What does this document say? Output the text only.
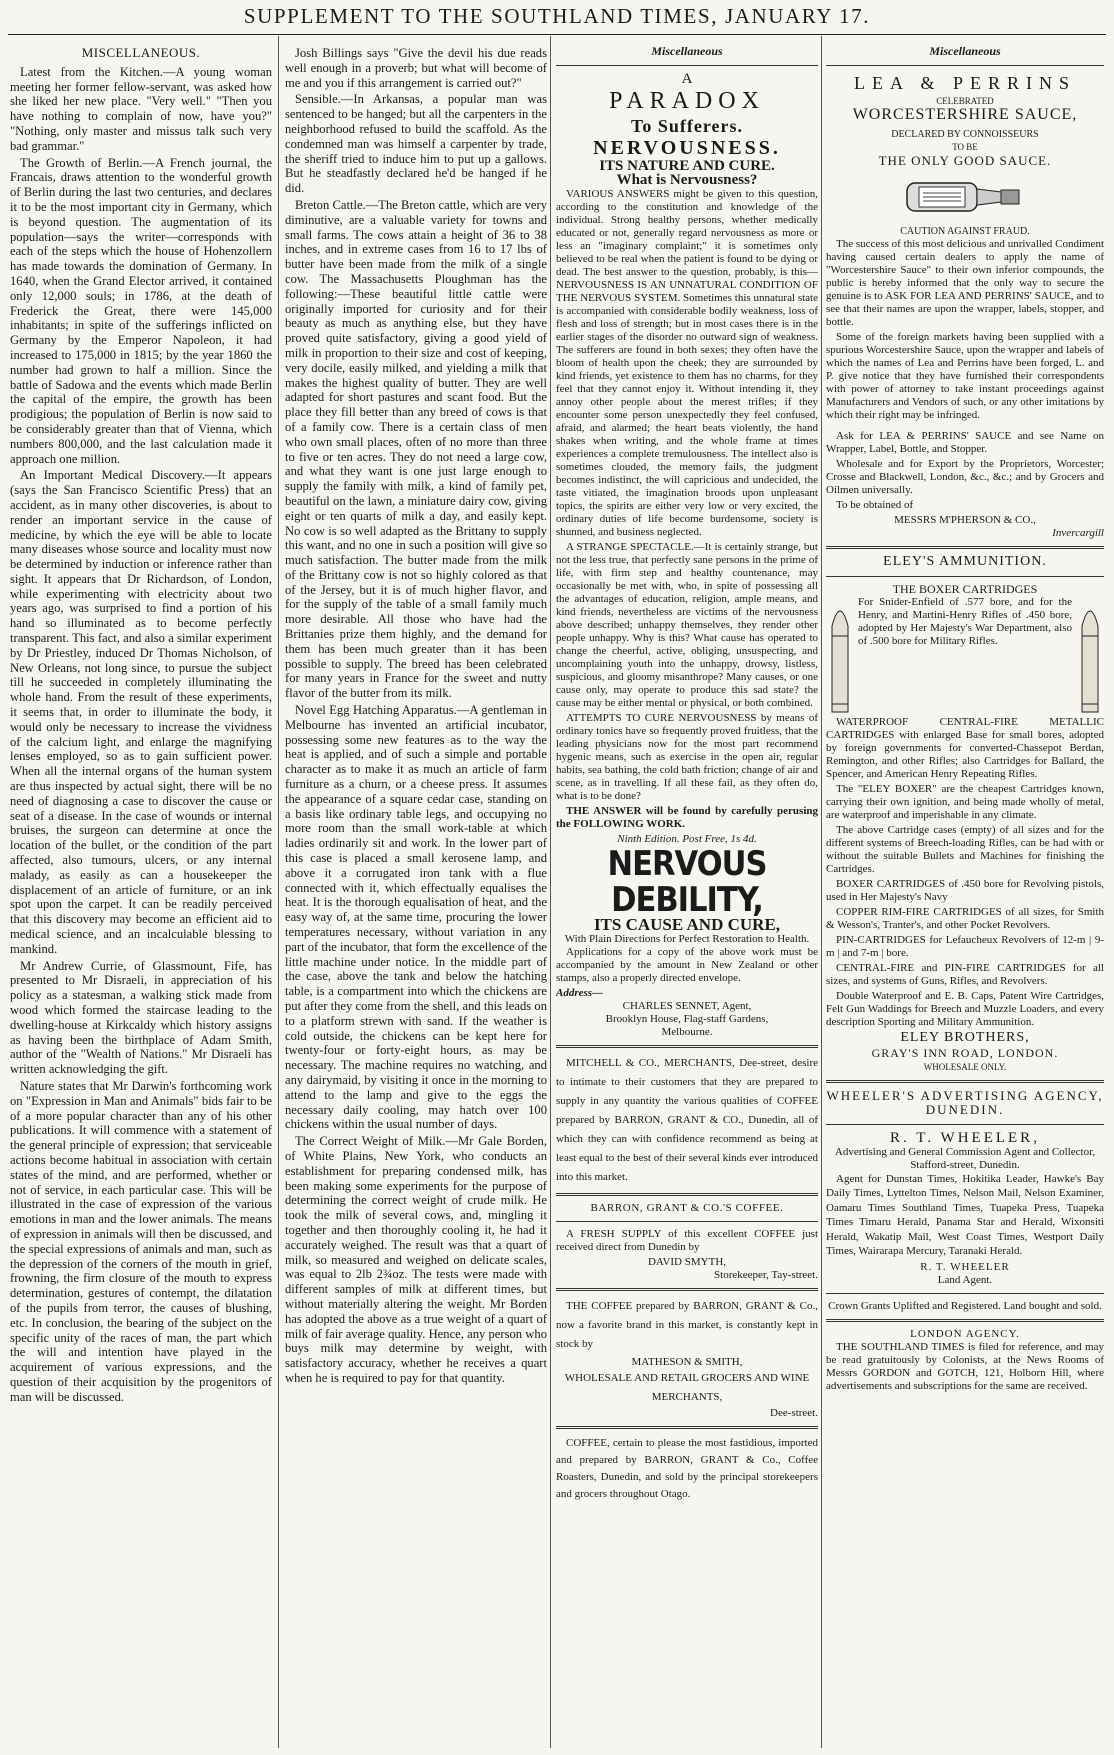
SUPPLEMENT TO THE SOUTHLAND TIMES, JANUARY 17.
MISCELLANEOUS.

Latest from the Kitchen.—A young woman meeting her former fellow-servant, was asked how she liked her new place. "Very well." "Then you have nothing to complain of now, have you?" "Nothing, only master and missus talk such very bad grammar."

The Growth of Berlin.—A French journal, the Francais, draws attention to the wonderful growth of Berlin during the last two centuries, and declares it to be the most important city in Germany, which is beyond question. The augmentation of its population—says the writer—corresponds with each of the steps which the house of Hohenzollern has made towards the domination of Germany. In 1640, when the Grand Elector arrived, it contained only 12,000 souls; in 1786, at the death of Frederick the Great, there were 145,000 inhabitants; in spite of the sufferings inflicted on Germany by the Emperor Napoleon, it had increased to 175,000 in 1815; by the year 1860 the number had grown to half a million. Since the battle of Sadowa and the events which made Berlin the capital of the empire, the growth has been prodigious; the population of Berlin is now said to be considerably greater than that of Vienna, which numbers 800,000, and the last calculation made it approach one million.

An Important Medical Discovery.—It appears (says the San Francisco Scientific Press) that an accident, as in many other discoveries, is about to render an important service in the cause of medicine, by which the eye will be able to locate many diseases whose source and locality must now be determined by induction or inference rather than sight. It appears that Dr Richardson, of London, while experimenting with electricity about two years ago, was surprised to find a portion of his hand so illuminated as to become perfectly transparent. This fact, and also a similar experiment by Dr Priestley, induced Dr Thomas Nicholson, of New Orleans, not long since, to pursue the subject till he succeeded in completely illuminating the whole hand. From the result of these experiments, it seems that, in order to illuminate the body, it would only be necessary to increase the vividness of the calcium light, and enlarge the magnifying lenses employed, so as to gain sufficient power. When all the internal organs of the human system are thus inspected by actual sight, there will be no need of diagnosing a case to discover the cause or seat of a disease. In the case of wounds or internal bruises, the surgeon can determine at once the location of the bullet, or the condition of the part affected, also tumours, ulcers, or any internal malady, as easily as can a housekeeper the displacement of an article of furniture, or an ink spot upon the carpet. It can be readily perceived that this discovery may become an efficient aid to medical science, and an incalculable blessing to mankind.

Mr Andrew Currie, of Glassmount, Fife, has presented to Mr Disraeli, in appreciation of his policy as a statesman, a walking stick made from wood which formed the staircase leading to the dwelling-house at Kirkcaldy which history assigns as having been the birthplace of Adam Smith, author of the "Wealth of Nations." Mr Disraeli has written acknowledging the gift.

Nature states that Mr Darwin's forthcoming work on "Expression in Man and Animals" bids fair to be of a more popular character than any of his other publications. It will commence with a statement of the general principle of expression; that serviceable actions become habitual in association with certain states of the mind, and are performed, whether or not of service, in each particular case. This will be illustrated in the case of expression of the various emotions in man and the lower animals. The means of expression in animals will then be discussed, and the special expressions of animals and man, such as the depression of the corners of the mouth in grief, frowning, the firm closure of the mouth to express determination, gestures of contempt, the dilatation of the pupils from terror, the causes of blushing, etc. In conclusion, the bearing of the subject on the specific unity of the races of man, the part which the will and intention have played in the acquirement of various expressions, and the question of their acquisition by the progenitors of man will be discussed.

Josh Billings says "Give the devil his due reads well enough in a proverb; but what will become of me and you if this arrangement is carried out?"

Sensible.—In Arkansas, a popular man was sentenced to be hanged; but all the carpenters in the neighborhood refused to build the scaffold. As the condemned man was himself a carpenter by trade, the sheriff tried to induce him to put up a gallows. But he steadfastly declared he'd be hanged if he did.

Breton Cattle.—The Breton cattle, which are very diminutive, are a valuable variety for towns and small farms. The cows attain a height of 36 to 38 inches, and in extreme cases from 16 to 17 lbs of butter have been made from the milk of a single cow. The Massachusetts Ploughman has the following:—These beautiful little cattle were originally imported for curiosity and for their beauty as much as anything else, but they have proved quite satisfactory, giving a good yield of milk in proportion to their size and cost of keeping, very docile, easily milked, and yielding a milk that makes the highest quality of butter. They are well adapted for short pastures and scant food. But the place they fill better than any breed of cows is that of a family cow. There is a certain class of men who own small places, often of no more than three to five or ten acres. They do not need a large cow, and what they want is one just large enough to supply the family with milk, a kind of family pet, beautiful on the lawn, a miniature dairy cow, giving eight or ten quarts of milk a day, and easily kept. No cow is so well adapted as the Brittany to supply this want, and no one in such a position will give so much satisfaction. The butter made from the milk of the Brittany cow is not so highly colored as that of the Jersey, but it is of much higher flavor, and for the supply of the table of a small family much more desirable. All those who have had the Brittanies prize them highly, and the demand for them has been much greater than it has been possible to supply. The breed has been celebrated for many years in France for the sweet and nutty flavor of the butter from its milk.

Novel Egg Hatching Apparatus.—A gentleman in Melbourne has invented an artificial incubator, possessing some new features as to the way the heat is applied, and of such a simple and portable character as to make it as much an article of farm furniture as a churn, or a cheese press. It assumes the appearance of a square cedar case, standing on a basis like ordinary table legs, and occupying no more room than the small work-table at which ladies ordinarily sit and work. In the lower part of this case is placed a small kerosene lamp, and above it a corrugated iron tank with a flue connected with it, which effectually equalises the heat. It is the thorough equalisation of heat, and the easy way of, at the same time, procuring the lower temperatures necessary, without variation in any part of the incubator, that form the excellence of the little machine under notice. In the middle part of the case, above the tank and below the hatching table, is a compartment into which the chickens are put after they come from the shell, and this leads on to a platform strewn with sand. If the weather is cold outside, the chickens can be kept here for twenty-four or forty-eight hours, as may be necessary. The machine requires no watching, and any dairymaid, by visiting it once in the morning to attend to the lamp and give to the eggs the necessary daily cooling, may hatch over 100 chickens within the usual number of days.

The Correct Weight of Milk.—Mr Gale Borden, of White Plains, New York, who conducts an establishment for preparing condensed milk, has been making some experiments for the purpose of determining the correct weight of crude milk. He took the milk of several cows, and, mingling it together and then thoroughly cooling it, he had it accurately weighed. The result was that a quart of milk, so measured and weighed on delicate scales, was equal to 2lb 2¾oz. The tests were made with different samples of milk at different times, but without materially altering the weight. Mr Borden has adopted the above as a true weight of a quart of milk of fair average quality. Hence, any person who buys milk may determine by weight, with satisfactory accuracy, whether he receives a quart when he is required to pay for that quantity.

Miscellaneous
A
PARADOX
To Sufferers.
NERVOUSNESS.
ITS NATURE AND CURE.
What is Nervousness?

VARIOUS ANSWERS might be given to this question, according to the constitution and knowledge of the individual. Strong healthy persons, whether medically educated or not, generally regard nervousness as more or less an "imaginary complaint;" it is sometimes only believed to be real when the patient is found to be dying or dead. The best answer to the question, probably, is this—NERVOUSNESS IS AN UNNATURAL CONDITION OF THE NERVOUS SYSTEM. Sometimes this unnatural state is accompanied with considerable bodily weakness, loss of flesh and loss of strength; but in most cases there is in the earlier stages of the disorder no outward sign of weakness. The sufferers are found in both sexes; they often have the bloom of health upon the cheek; they are surrounded by kind friends, yet existence to them has no charms, for they feel that they cannot enjoy it. Without intending it, they annoy other people about the merest trifles; if they encounter some person unexpectedly they feel confused, afraid, and alarmed; the heart beats violently, the hand shakes when writing, and the whole frame at times experiences a complete tremulousness. The intellect also is sometimes clouded, the memory fails, the judgment becomes indistinct, the will capricious and undecided, the taste vitiated, the imagination broods upon unpleasant topics, the spirits are either very low or very excited, the ordinary duties of life become burdensome, society is shunned, and business neglected.

A STRANGE SPECTACLE.—It is certainly strange, but not the less true, that perfectly sane persons in the prime of life, with firm step and healthy countenance, may occasionally be met with, who, in spite of possessing all the advantages of education, religion, ample means, and kind friends, nevertheless are victims of the nervousness above described; unhappy themselves, they render other people unhappy. Why is this? What cause has operated to change the cheerful, active, obliging, unsuspecting, and uncomplaining youth into the unhappy, drowsy, listless, suspicious, and gloomy misanthrope? Many causes, or one cause only, may operate to produce this sad state? the cause may be either mental or physical, or both combined.

ATTEMPTS TO CURE NERVOUSNESS by means of ordinary tonics have so frequently proved fruitless, that the leading physicians now for the most part recommend hygenic means, such as exercise in the open air, regular habits, sea bathing, the cold bath friction; change of air and scene, as in travelling. If all these fail, as they often do, what is to be done?

THE ANSWER will be found by carefully perusing the FOLLOWING WORK.

Ninth Edition. Post Free, 1s 4d.
NERVOUS DEBILITY,
ITS CAUSE AND CURE,
With Plain Directions for Perfect Restoration to Health.

Applications for a copy of the above work must be accompanied by the amount in New Zealand or other stamps, also a properly directed envelope.

Address—
CHARLES SENNET, Agent,
Brooklyn House, Flag-staff Gardens,
Melbourne.

MITCHELL & CO., MERCHANTS, Dee-street, desire to intimate to their customers that they are prepared to supply in any quantity the various qualities of COFFEE prepared by BARRON, GRANT & CO., Dunedin, all of which they can with confidence recommend as being at least equal to the best of their several kinds ever introduced into this market.

BARRON, GRANT & CO.'S COFFEE.

A FRESH SUPPLY of this excellent COFFEE just received direct from Dunedin by

DAVID SMYTH,
Storekeeper, Tay-street.

THE COFFEE prepared by BARRON, GRANT & Co., now a favorite brand in this market, is constantly kept in stock by

MATHESON & SMITH,
WHOLESALE AND RETAIL GROCERS AND WINE MERCHANTS,
Dee-street.

COFFEE, certain to please the most fastidious, imported and prepared by BARRON, GRANT & Co., Coffee Roasters, Dunedin, and sold by the principal storekeepers and grocers throughout Otago.

Miscellaneous
LEA & PERRINS
CELEBRATED
WORCESTERSHIRE SAUCE,
DECLARED BY CONNOISSEURS
TO BE
THE ONLY GOOD SAUCE.
CAUTION AGAINST FRAUD.

The success of this most delicious and unrivalled Condiment having caused certain dealers to apply the name of "Worcestershire Sauce" to their own inferior compounds, the public is hereby informed that the only way to secure the genuine is to ASK FOR LEA AND PERRINS' SAUCE, and to see that their names are upon the wrapper, labels, stopper, and bottle.

Some of the foreign markets having been supplied with a spurious Worcestershire Sauce, upon the wrapper and labels of which the names of Lea and Perrins have been forged, L. and P. give notice that they have furnished their correspondents with power of attorney to take instant proceedings against Manufacturers and Vendors of such, or any other imitations by which their right may be infringed.

Ask for LEA & PERRINS' SAUCE and see Name on Wrapper, Label, Bottle, and Stopper.

Wholesale and for Export by the Proprietors, Worcester; Crosse and Blackwell, London, &c., &c.; and by Grocers and Oilmen universally.

To be obtained of

MESSRS M'PHERSON & CO.,
Invercargill
ELEY'S AMMUNITION.
THE BOXER CARTRIDGES
For Snider-Enfield of .577 bore, and for the Henry, and Martini-Henry Rifles of .450 bore, adopted by Her Majesty's War Department, also of .500 bore for Military Rifles.

WATERPROOF CENTRAL-FIRE METALLIC CARTRIDGES with enlarged Base for small bores, adopted by foreign governments for converted-Chassepot Berdan, Remington, and other Rifles; also Cartridges for Ballard, the Spencer, and American Henry Repeating Rifles.

The "ELEY BOXER" are the cheapest Cartridges known, carrying their own ignition, and being made wholly of metal, are waterproof and imperishable in any climate.

The above Cartridge cases (empty) of all sizes and for the different systems of Breech-loading Rifles, can be had with or without the suitable Bullets and Machines for finishing the Cartridges.

BOXER CARTRIDGES of .450 bore for Revolving pistols, used in Her Majesty's Navy

COPPER RIM-FIRE CARTRIDGES of all sizes, for Smith & Wesson's, Tranter's, and other Pocket Revolvers.

PIN-CARTRIDGES for Lefaucheux Revolvers of 12-m | 9-m | and 7-m | bore.

CENTRAL-FIRE and PIN-FIRE CARTRIDGES for all sizes, and systems of Guns, Rifles, and Revolvers.

Double Waterproof and E. B. Caps, Patent Wire Cartridges, Felt Gun Waddings for Breech and Muzzle Loaders, and every description Sporting and Military Ammunition.

ELEY BROTHERS,
GRAY'S INN ROAD, LONDON.
WHOLESALE ONLY.
WHEELER'S ADVERTISING AGENCY, DUNEDIN.
R. T. WHEELER,
Advertising and General Commission Agent and Collector,
Stafford-street, Dunedin.

Agent for Dunstan Times, Hokitika Leader, Hawke's Bay Daily Times, Lyttelton Times, Nelson Mail, Nelson Examiner, Oamaru Times Southland Times, Tuapeka Press, Tuapeka Times Timaru Herald, Panama Star and Herald, Wixonsiti Herald, Wakatip Mail, West Coast Times, Westport Daily Times, Wairarapa Mercury, Taranaki Herald.

R. T. WHEELER
Land Agent.
Crown Grants Uplifted and Registered. Land bought and sold.
LONDON AGENCY.

THE SOUTHLAND TIMES is filed for reference, and may be read gratuitously by Colonists, at the News Rooms of Messrs GORDON and GOTCH, 121, Holborn Hill, where advertisements and subscriptions for the same are received.
